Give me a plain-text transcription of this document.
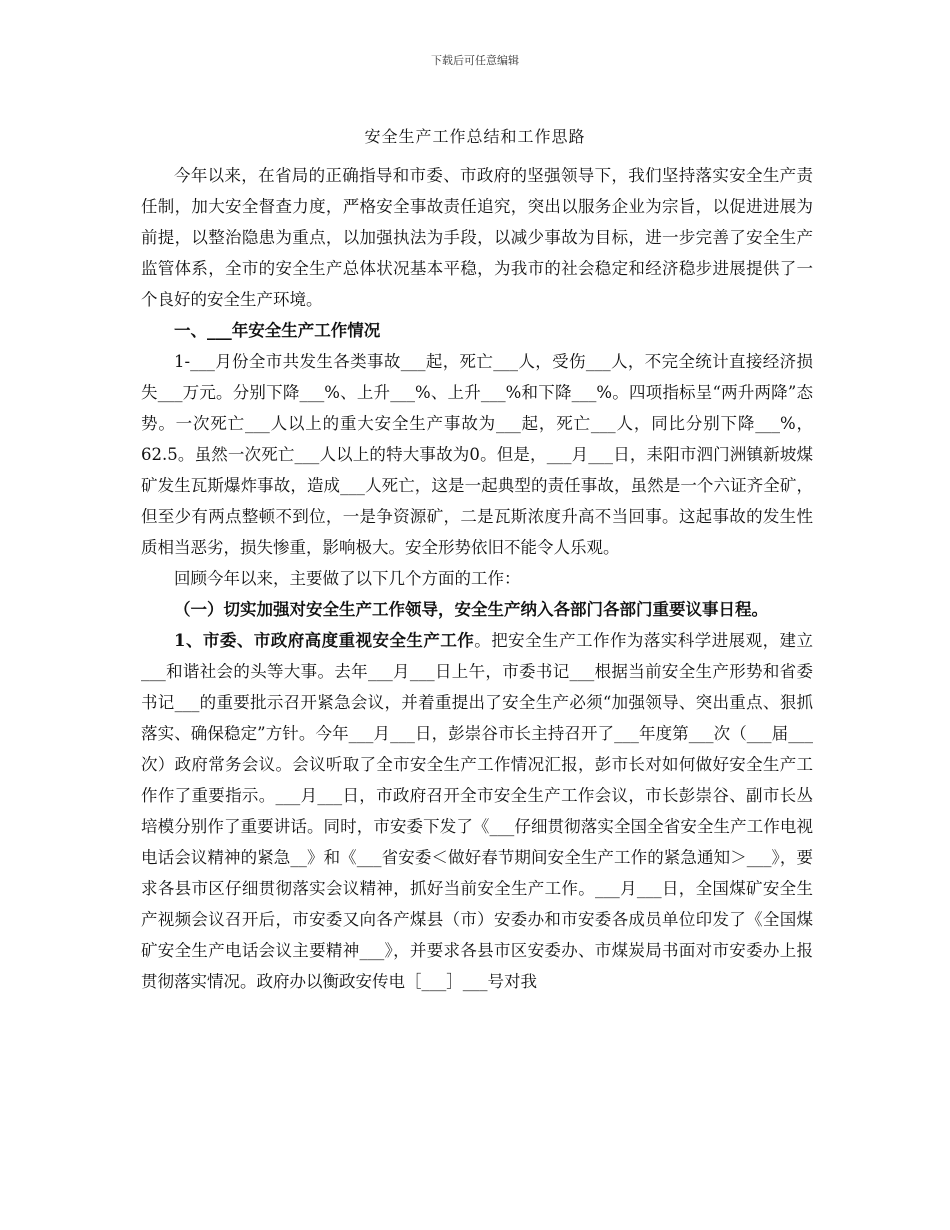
下载后可任意编辑
安全生产工作总结和工作思路

今年以来，在省局的正确指导和市委、市政府的坚强领导下，我们坚持落实安全生产责任制，加大安全督查力度，严格安全事故责任追究，突出以服务企业为宗旨，以促进进展为前提，以整治隐患为重点，以加强执法为手段，以减少事故为目标，进一步完善了安全生产监管体系，全市的安全生产总体状况基本平稳，为我市的社会稳定和经济稳步进展提供了一个良好的安全生产环境。

一、___年安全生产工作情况

1-___月份全市共发生各类事故___起，死亡___人，受伤___人，不完全统计直接经济损失___万元。分别下降___%、上升___%、上升___%和下降___%。四项指标呈“两升两降”态势。一次死亡___人以上的重大安全生产事故为___起，死亡___人，同比分别下降___%，62.5。虽然一次死亡___人以上的特大事故为0。但是，___月___日，耒阳市泗门洲镇新坡煤矿发生瓦斯爆炸事故，造成___人死亡，这是一起典型的责任事故，虽然是一个六证齐全矿，但至少有两点整顿不到位，一是争资源矿，二是瓦斯浓度升高不当回事。这起事故的发生性质相当恶劣，损失惨重，影响极大。安全形势依旧不能令人乐观。

回顾今年以来，主要做了以下几个方面的工作：

（一）切实加强对安全生产工作领导，安全生产纳入各部门各部门重要议事日程。

1、市委、市政府高度重视安全生产工作。把安全生产工作作为落实科学进展观，建立___和谐社会的头等大事。去年___月___日上午，市委书记___根据当前安全生产形势和省委书记___的重要批示召开紧急会议，并着重提出了安全生产必须“加强领导、突出重点、狠抓落实、确保稳定”方针。今年___月___日，彭崇谷市长主持召开了___年度第___次（___届___次）政府常务会议。会议听取了全市安全生产工作情况汇报，彭市长对如何做好安全生产工作作了重要指示。___月___日，市政府召开全市安全生产工作会议，市长彭崇谷、副市长丛培模分别作了重要讲话。同时，市安委下发了《___仔细贯彻落实全国全省安全生产工作电视电话会议精神的紧急__》和《___省安委＜做好春节期间安全生产工作的紧急通知＞___》，要求各县市区仔细贯彻落实会议精神，抓好当前安全生产工作。___月___日，全国煤矿安全生产视频会议召开后，市安委又向各产煤县（市）安委办和市安委各成员单位印发了《全国煤矿安全生产电话会议主要精神___》，并要求各县市区安委办、市煤炭局书面对市安委办上报贯彻落实情况。政府办以衡政安传电［___］___号对我
